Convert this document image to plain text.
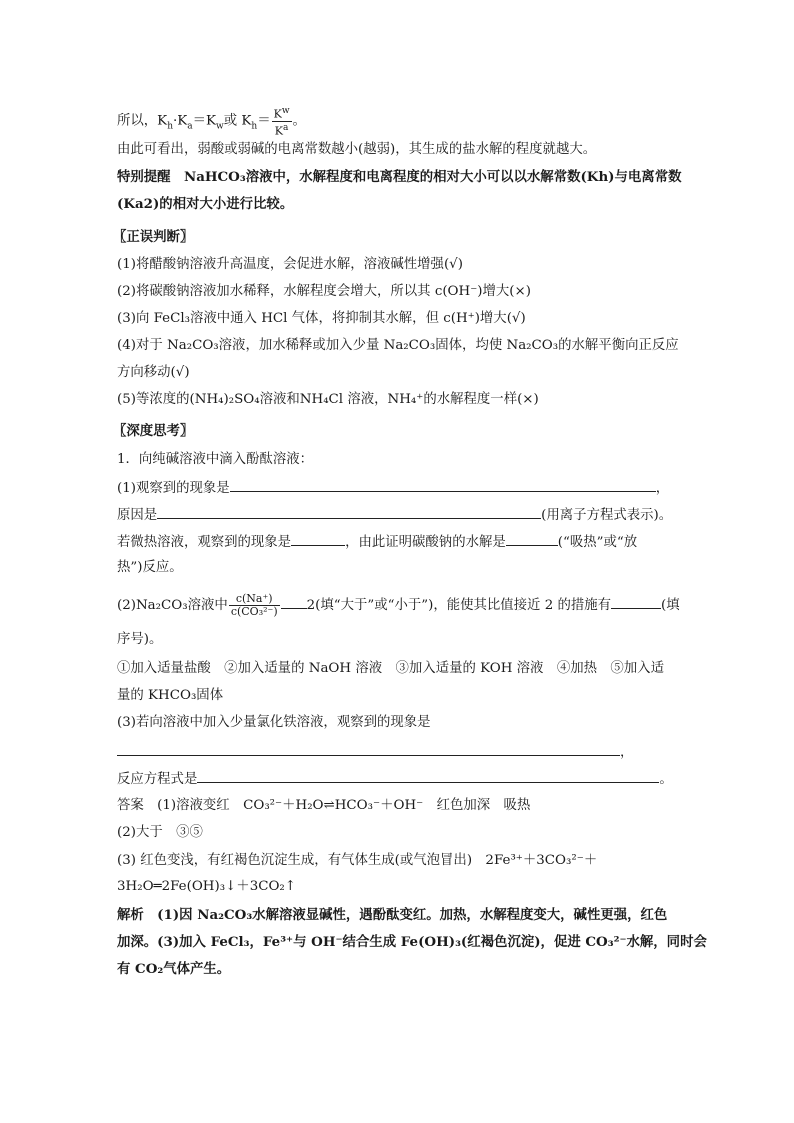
所以，$K_h\cdot K_a=K_w$或 $K_h= \frac{K^w}{K^a}$ 。
由此可看出，弱酸或弱碱的电离常数越小(越弱)，其生成的盐水解的程度就越大。
特别提醒　NaHCO₃溶液中，水解程度和电离程度的相对大小可以以水解常数(Kh)与电离常数
(Ka2)的相对大小进行比较。
〖正误判断〗
(1)将醋酸钠溶液升高温度，会促进水解，溶液碱性增强(√)
(2)将碳酸钠溶液加水稀释，水解程度会增大，所以其 c(OH⁻)增大(×)
(3)向 FeCl₃溶液中通入 HCl 气体，将抑制其水解，但 c(H⁺)增大(√)
(4)对于 Na₂CO₃溶液，加水稀释或加入少量 Na₂CO₃固体，均使 Na₂CO₃的水解平衡向正反应
方向移动(√)
(5)等浓度的(NH₄)₂SO₄溶液和NH₄Cl 溶液，NH₄⁺的水解程度一样(×)
〖深度思考〗
1．向纯碱溶液中滴入酚酞溶液：
(1)观察到的现象是	，
原因是	(用离子方程式表示)。
若微热溶液，观察到的现象是	，由此证明碳酸钠的水解是	(“吸热”或“放
热”)反应。
(2)Na₂CO₃溶液中 $\frac{c(Na^+)}{\text{c(CO₃²⁻)}} 2$(填“大于”或“小于”)，能使其比值接近 2 的措施有	(填
序号)。
①加入适量盐酸　②加入适量的 NaOH 溶液　③加入适量的 KOH 溶液　④加热　⑤加入适
量的 KHCO₃固体
(3)若向溶液中加入少量氯化铁溶液，观察到的现象是
，
反应方程式是	。
答案　(1)溶液变红　CO₃²⁻＋H₂O⇌HCO₃⁻＋OH⁻　红色加深　吸热
(2)大于　③⑤
(3) 红色变浅，有红褐色沉淀生成，有气体生成(或气泡冒出)　2Fe³⁺＋3CO₃²⁻＋
3H₂O═2Fe(OH)₃↓＋3CO₂↑
解析　(1)因 Na₂CO₃水解溶液显碱性，遇酚酞变红。加热，水解程度变大，碱性更强，红色
加深。(3)加入 FeCl₃，Fe³⁺与 OH⁻结合生成 Fe(OH)₃(红褐色沉淀)，促进 CO₃²⁻水解，同时会
有 CO₂气体产生。
